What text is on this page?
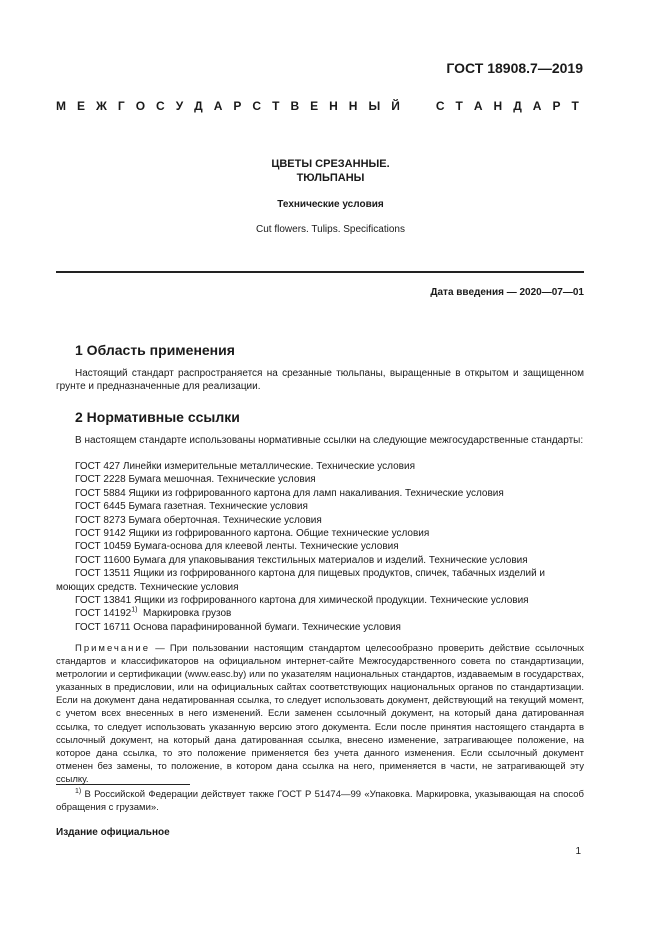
ГОСТ 18908.7—2019
М Е Ж Г О С У Д А Р С Т В Е Н Н Ы Й	С Т А Н Д А Р Т
ЦВЕТЫ СРЕЗАННЫЕ.
ТЮЛЬПАНЫ
Технические условия
Cut flowers. Tulips. Specifications
Дата введения — 2020—07—01
1 Область применения
Настоящий стандарт распространяется на срезанные тюльпаны, выращенные в открытом и защищенном грунте и предназначенные для реализации.
2 Нормативные ссылки
В настоящем стандарте использованы нормативные ссылки на следующие межгосударственные стандарты:
ГОСТ 427 Линейки измерительные металлические. Технические условия
ГОСТ 2228 Бумага мешочная. Технические условия
ГОСТ 5884 Ящики из гофрированного картона для ламп накаливания. Технические условия
ГОСТ 6445 Бумага газетная. Технические условия
ГОСТ 8273 Бумага оберточная. Технические условия
ГОСТ 9142 Ящики из гофрированного картона. Общие технические условия
ГОСТ 10459 Бумага-основа для клеевой ленты. Технические условия
ГОСТ 11600 Бумага для упаковывания текстильных материалов и изделий. Технические условия
ГОСТ 13511 Ящики из гофрированного картона для пищевых продуктов, спичек, табачных изделий и моющих средств. Технические условия
ГОСТ 13841 Ящики из гофрированного картона для химической продукции. Технические условия
ГОСТ 14192$^{1)}$ Маркировка грузов
ГОСТ 16711 Основа парафинированной бумаги. Технические условия
Примечание — При пользовании настоящим стандартом целесообразно проверить действие ссылочных стандартов и классификаторов на официальном интернет-сайте Межгосударственного совета по стандартизации, метрологии и сертификации (www.easc.by) или по указателям национальных стандартов, издаваемым в государствах, указанных в предисловии, или на официальных сайтах соответствующих национальных органов по стандартизации. Если на документ дана недатированная ссылка, то следует использовать документ, действующий на текущий момент, с учетом всех внесенных в него изменений. Если заменен ссылочный документ, на который дана датированная ссылка, то следует использовать указанную версию этого документа. Если после принятия настоящего стандарта в ссылочный документ, на который дана датированная ссылка, внесено изменение, затрагивающее положение, на которое дана ссылка, то это положение применяется без учета данного изменения. Если ссылочный документ отменен без замены, то положение, в котором дана ссылка на него, применяется в части, не затрагивающей эту ссылку.
$^{1)}$ В Российской Федерации действует также ГОСТ Р 51474—99 «Упаковка. Маркировка, указывающая на способ обращения с грузами».
Издание официальное
1
